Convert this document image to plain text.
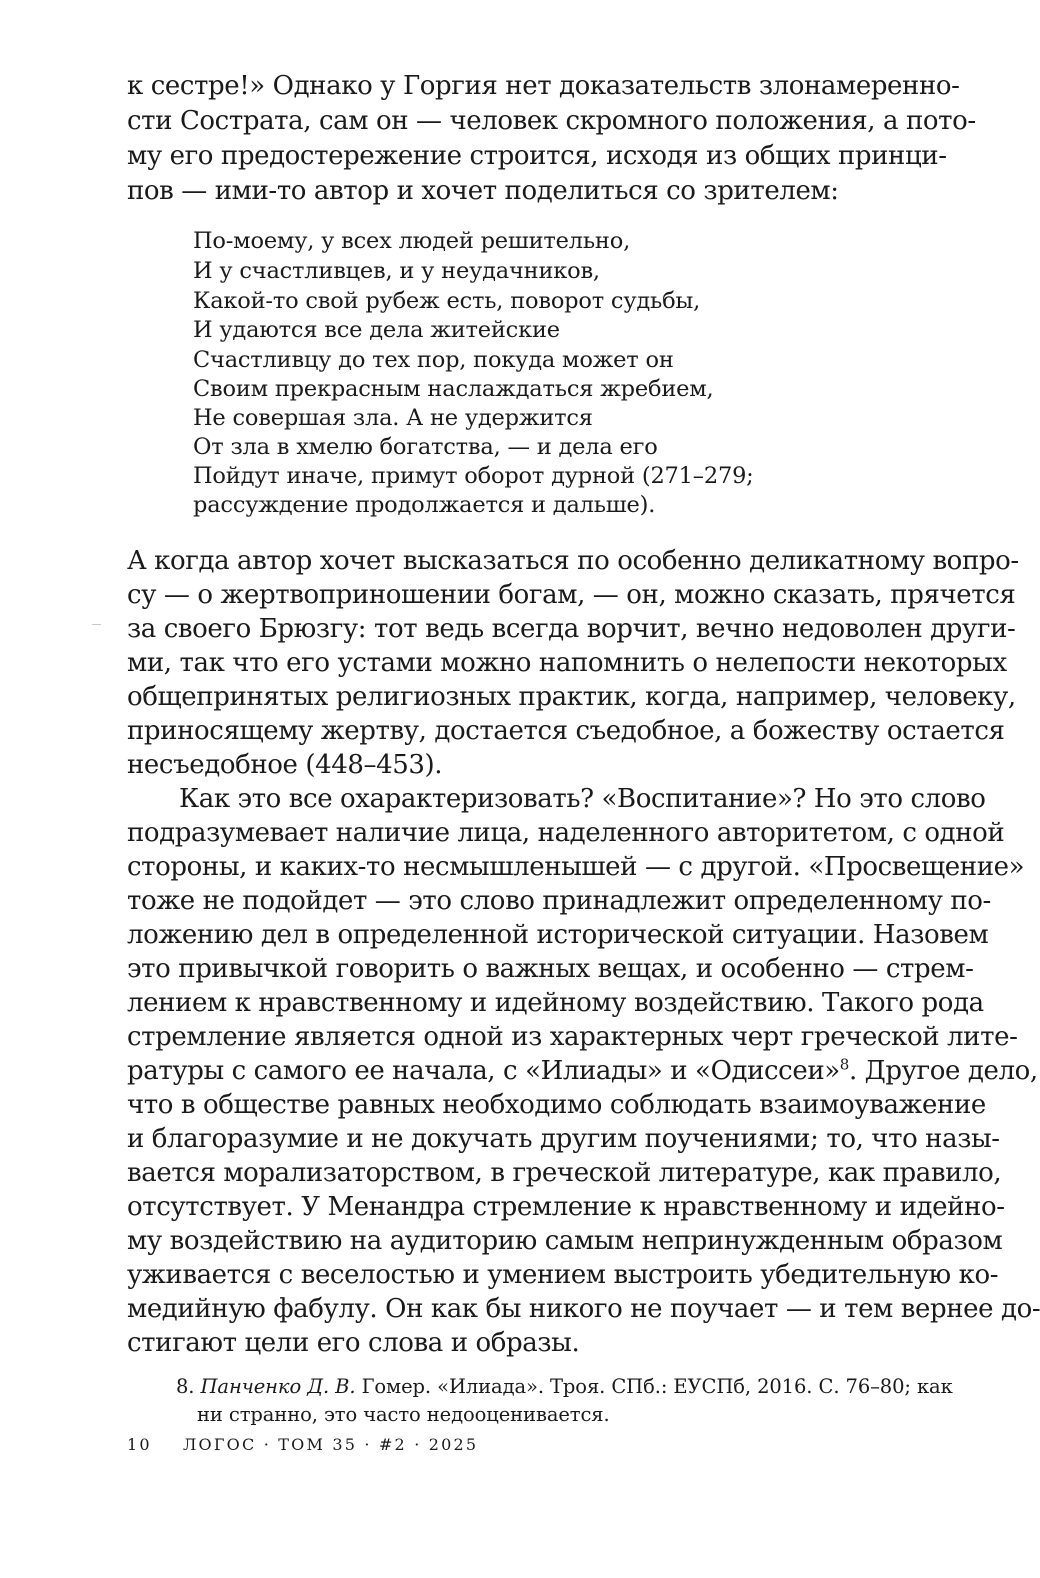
к сестре!» Однако у Горгия нет доказательств злонамеренно-
сти Сострата, сам он — человек скромного положения, а пото-
му его предостережение строится, исходя из общих принци-
пов — ими-то автор и хочет поделиться со зрителем:
По-моему, у всех людей решительно,
И у счастливцев, и у неудачников,
Какой-то свой рубеж есть, поворот судьбы,
И удаются все дела житейские
Счастливцу до тех пор, покуда может он
Своим прекрасным наслаждаться жребием,
Не совершая зла. А не удержится
От зла в хмелю богатства, — и дела его
Пойдут иначе, примут оборот дурной (271–279;
рассуждение продолжается и дальше).
А когда автор хочет высказаться по особенно деликатному вопро-
су — о жертвоприношении богам, — он, можно сказать, прячется
за своего Брюзгу: тот ведь всегда ворчит, вечно недоволен други-
ми, так что его устами можно напомнить о нелепости некоторых
общепринятых религиозных практик, когда, например, человеку,
приносящему жертву, достается съедобное, а божеству остается
несъедобное (448–453).
Как это все охарактеризовать? «Воспитание»? Но это слово
подразумевает наличие лица, наделенного авторитетом, с одной
стороны, и каких-то несмышленышей — с другой. «Просвещение»
тоже не подойдет — это слово принадлежит определенному по-
ложению дел в определенной исторической ситуации. Назовем
это привычкой говорить о важных вещах, и особенно — стрем-
лением к нравственному и идейному воздействию. Такого рода
стремление является одной из характерных черт греческой лите-
ратуры с самого ее начала, с «Илиады» и «Одиссеи»$^8$. Другое дело,
что в обществе равных необходимо соблюдать взаимоуважение
и благоразумие и не докучать другим поучениями; то, что назы-
вается морализаторством, в греческой литературе, как правило,
отсутствует. У Менандра стремление к нравственному и идейно-
му воздействию на аудиторию самым непринужденным образом
уживается с веселостью и умением выстроить убедительную ко-
медийную фабулу. Он как бы никого не поучает — и тем вернее до-
стигают цели его слова и образы.
8. Панченко Д. В. Гомер. «Илиада». Троя. СПб.: ЕУСПб, 2016. С. 76–80; как
ни странно, это часто недооценивается.
10 ЛОГОС · ТОМ 35 · #2 · 2025
